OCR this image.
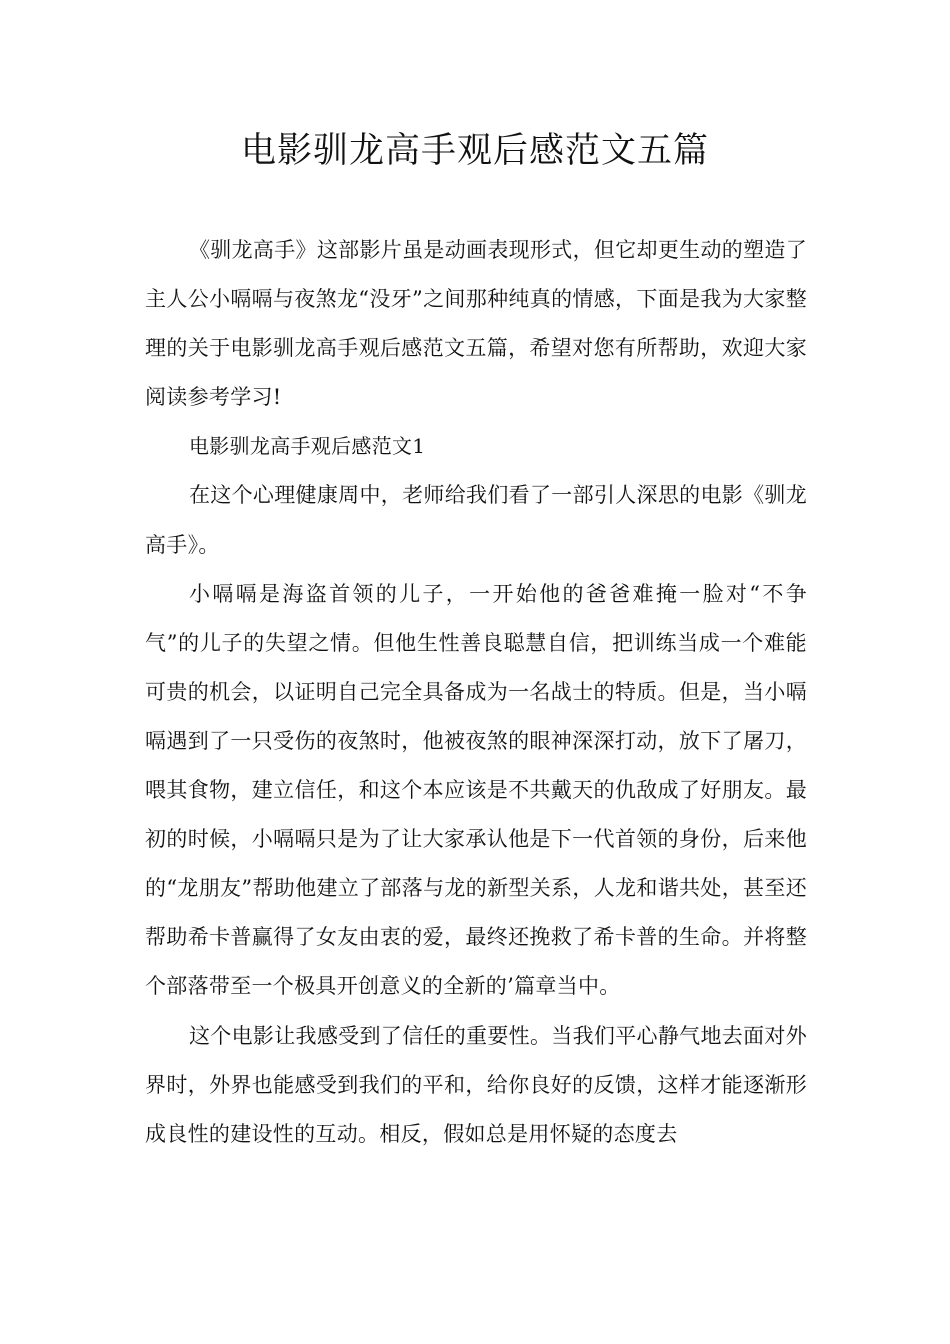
电影驯龙高手观后感范文五篇

《驯龙高手》这部影片虽是动画表现形式，但它却更生动的塑造了主人公小嗝嗝与夜煞龙“没牙”之间那种纯真的情感，下面是我为大家整理的关于电影驯龙高手观后感范文五篇，希望对您有所帮助，欢迎大家阅读参考学习!

电影驯龙高手观后感范文1

在这个心理健康周中，老师给我们看了一部引人深思的电影《驯龙高手》。

小嗝嗝是海盗首领的儿子，一开始他的爸爸难掩一脸对“不争气”的儿子的失望之情。但他生性善良聪慧自信，把训练当成一个难能可贵的机会，以证明自己完全具备成为一名战士的特质。但是，当小嗝嗝遇到了一只受伤的夜煞时，他被夜煞的眼神深深打动，放下了屠刀，喂其食物，建立信任，和这个本应该是不共戴天的仇敌成了好朋友。最初的时候，小嗝嗝只是为了让大家承认他是下一代首领的身份，后来他的“龙朋友”帮助他建立了部落与龙的新型关系，人龙和谐共处，甚至还帮助希卡普赢得了女友由衷的爱，最终还挽救了希卡普的生命。并将整个部落带至一个极具开创意义的全新的’篇章当中。

这个电影让我感受到了信任的重要性。当我们平心静气地去面对外界时，外界也能感受到我们的平和，给你良好的反馈，这样才能逐渐形成良性的建设性的互动。相反，假如总是用怀疑的态度去
